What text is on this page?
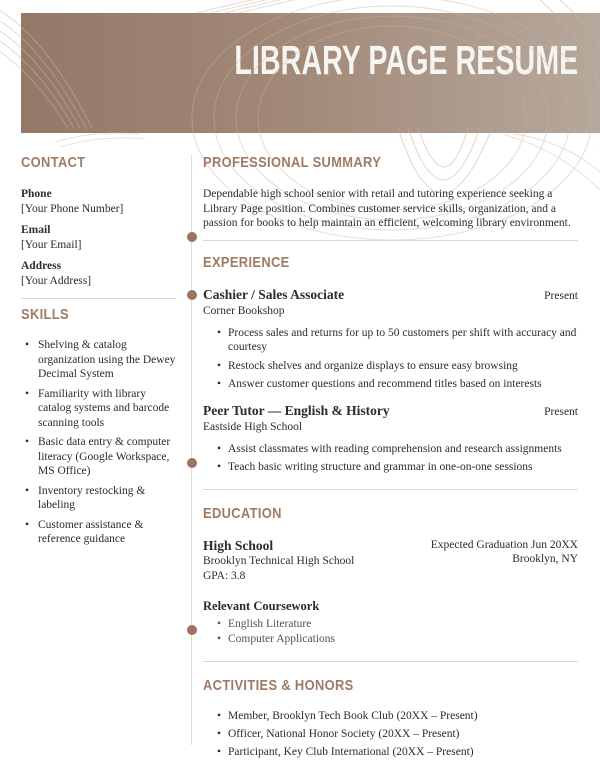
LIBRARY PAGE RESUME
CONTACT
Phone
[Your Phone Number]
Email
[Your Email]
Address
[Your Address]
SKILLS
• Shelving & catalog organization using the Dewey Decimal System
• Familiarity with library catalog systems and barcode scanning tools
• Basic data entry & computer literacy (Google Workspace, MS Office)
• Inventory restocking & labeling
• Customer assistance & reference guidance
PROFESSIONAL SUMMARY

Dependable high school senior with retail and tutoring experience seeking a Library Page position. Combines customer service skills, organization, and a passion for books to help maintain an efficient, welcoming library environment.

EXPERIENCE
Cashier / Sales Associate	Present
Corner Bookshop
• Process sales and returns for up to 50 customers per shift with accuracy and courtesy
• Restock shelves and organize displays to ensure easy browsing
• Answer customer questions and recommend titles based on interests
Peer Tutor — English & History	Present
Eastside High School
• Assist classmates with reading comprehension and research assignments
• Teach basic writing structure and grammar in one-on-one sessions
EDUCATION
High School
Brooklyn Technical High School
GPA: 3.8
Expected Graduation Jun 20XX
Brooklyn, NY
Relevant Coursework
• English Literature
• Computer Applications
ACTIVITIES & HONORS
• Member, Brooklyn Tech Book Club (20XX – Present)
• Officer, National Honor Society (20XX – Present)
• Participant, Key Club International (20XX – Present)
